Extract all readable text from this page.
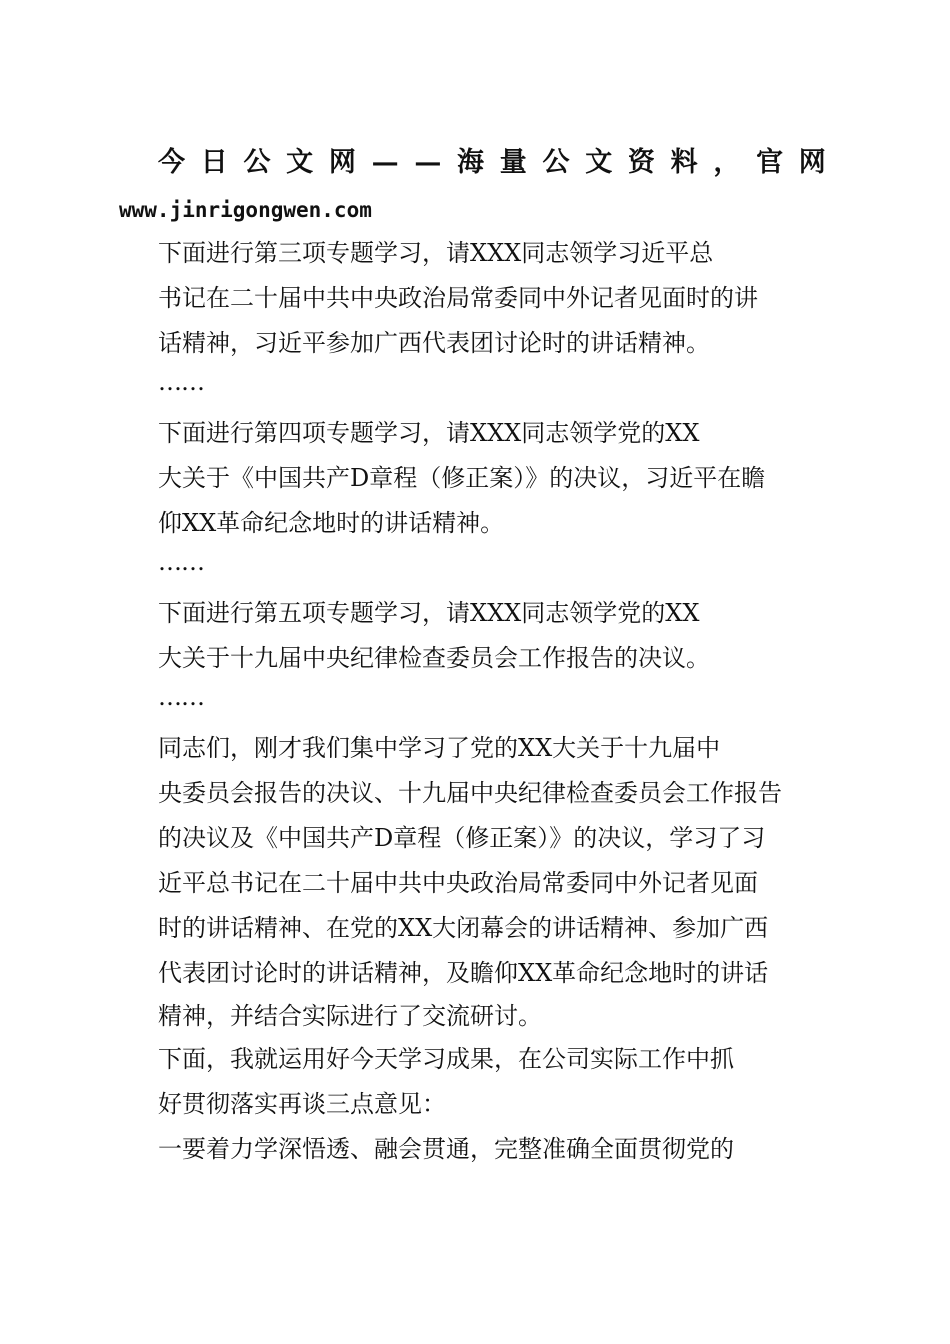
今 日 公 文 网 — — 海 量 公 文 资 料 ， 官 网
www.jinrigongwen.com
下面进行第三项专题学习，请XXX同志领学习近平总
书记在二十届中共中央政治局常委同中外记者见面时的讲
话精神，习近平参加广西代表团讨论时的讲话精神。
……
下面进行第四项专题学习，请XXX同志领学党的XX
大关于《中国共产D章程（修正案）》的决议，习近平在瞻
仰XX革命纪念地时的讲话精神。
……
下面进行第五项专题学习，请XXX同志领学党的XX
大关于十九届中央纪律检查委员会工作报告的决议。
……
同志们，刚才我们集中学习了党的XX大关于十九届中
央委员会报告的决议、十九届中央纪律检查委员会工作报告
的决议及《中国共产D章程（修正案）》的决议，学习了习
近平总书记在二十届中共中央政治局常委同中外记者见面
时的讲话精神、在党的XX大闭幕会的讲话精神、参加广西
代表团讨论时的讲话精神，及瞻仰XX革命纪念地时的讲话
精神，并结合实际进行了交流研讨。
下面，我就运用好今天学习成果，在公司实际工作中抓
好贯彻落实再谈三点意见：
一要着力学深悟透、融会贯通，完整准确全面贯彻党的
